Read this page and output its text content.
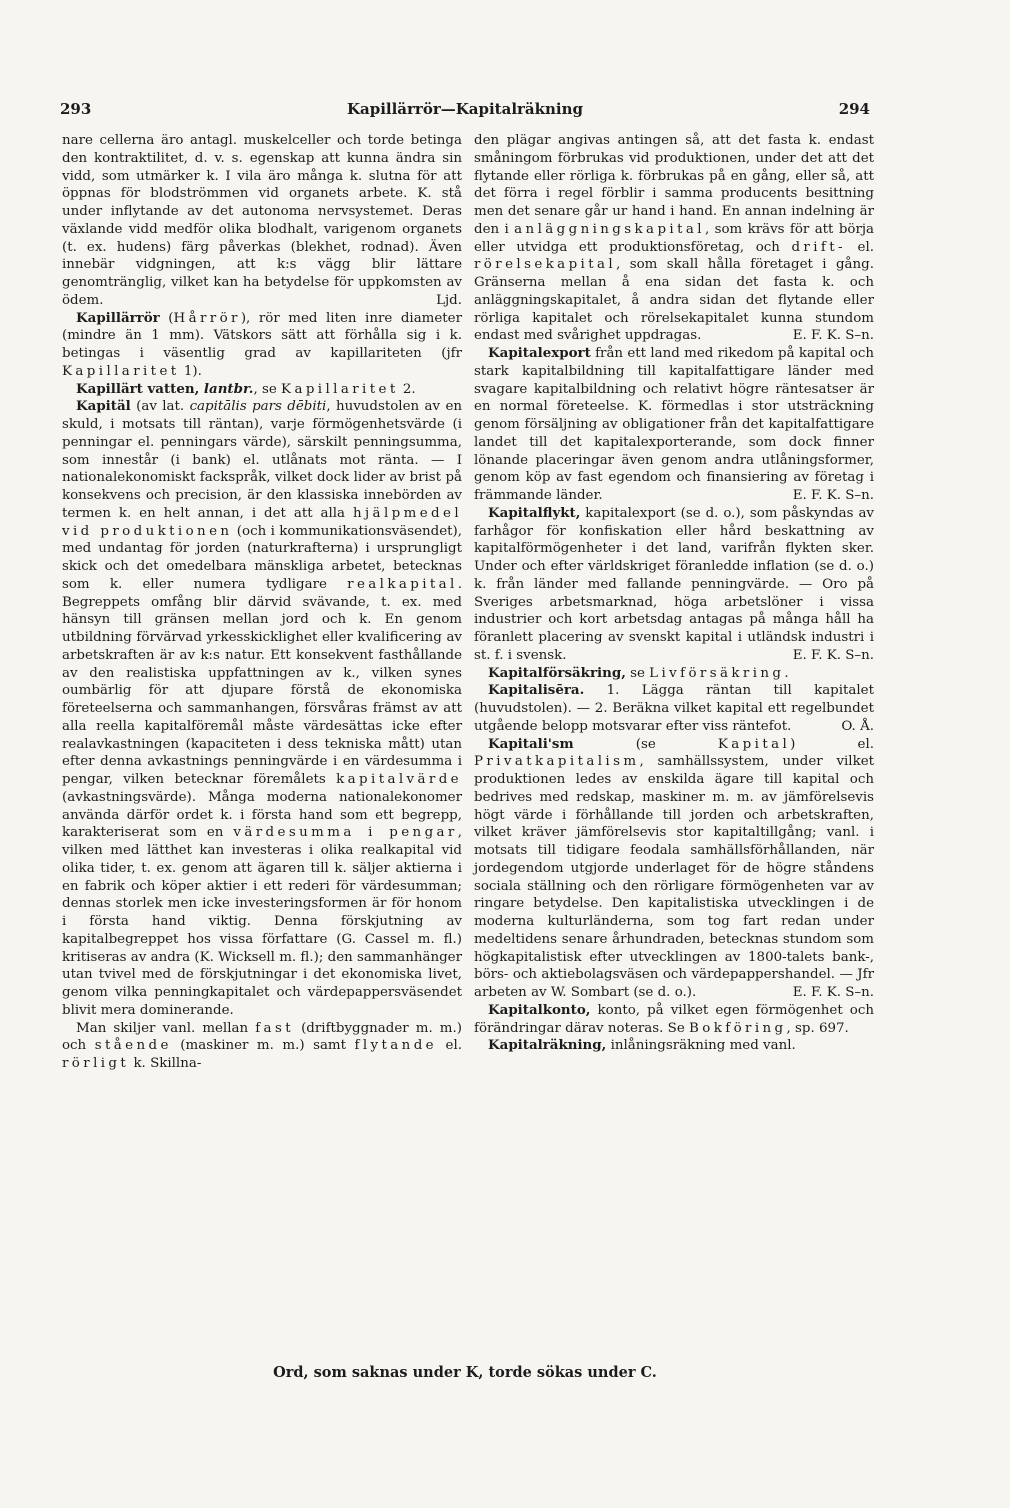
293	Kapillärrör—Kapitalräkning	294

nare cellerna äro antagl. muskelceller och torde betinga den kontraktilitet, d. v. s. egenskap att kunna ändra sin vidd, som utmärker k. I vila äro många k. slutna för att öppnas för blodströmmen vid organets arbete. K. stå under inflytande av det autonoma nervsystemet. Deras växlande vidd medför olika blodhalt, varigenom organets (t. ex. hudens) färg påverkas (blekhet, rodnad). Även innebär vidgningen, att k:s vägg blir lättare genomtränglig, vilket kan ha betydelse för uppkomsten av ödem.	Ljd.

Kapillärrör (Hårrör), rör med liten inre diameter (mindre än 1 mm). Vätskors sätt att förhålla sig i k. betingas i väsentlig grad av kapillariteten (jfr Kapillaritet 1).

Kapillärt vatten, lantbr., se Kapillaritet 2.

Kapitäl (av lat. capitālis pars dēbiti, huvudstolen av en skuld, i motsats till räntan), varje förmögenhetsvärde (i penningar el. penningars värde), särskilt penningsumma, som innestår (i bank) el. utlånats mot ränta. — I nationalekonomiskt fackspråk, vilket dock lider av brist på konsekvens och precision, är den klassiska innebörden av termen k. en helt annan, i det att alla hjälpmedel vid produktionen (och i kommunikationsväsendet), med undantag för jorden (naturkrafterna) i ursprungligt skick och det omedelbara mänskliga arbetet, betecknas som k. eller numera tydligare realkapital. Begreppets omfång blir därvid svävande, t. ex. med hänsyn till gränsen mellan jord och k. En genom utbildning förvärvad yrkesskicklighet eller kvalificering av arbetskraften är av k:s natur. Ett konsekvent fasthållande av den realistiska uppfattningen av k., vilken synes oumbärlig för att djupare förstå de ekonomiska företeelserna och sammanhangen, försvåras främst av att alla reella kapitalföremål måste värdesättas icke efter realavkastningen (kapaciteten i dess tekniska mått) utan efter denna avkastnings penningvärde i en värdesumma i pengar, vilken betecknar föremålets kapitalvärde (avkastningsvärde). Många moderna nationalekonomer använda därför ordet k. i första hand som ett begrepp, karakteriserat som en värdesumma i pengar, vilken med lätthet kan investeras i olika realkapital vid olika tider, t. ex. genom att ägaren till k. säljer aktierna i en fabrik och köper aktier i ett rederi för värdesumman; dennas storlek men icke investeringsformen är för honom i första hand viktig. Denna förskjutning av kapitalbegreppet hos vissa författare (G. Cassel m. fl.) kritiseras av andra (K. Wicksell m. fl.); den sammanhänger utan tvivel med de förskjutningar i det ekonomiska livet, genom vilka penningkapitalet och värdepappersväsendet blivit mera dominerande.

Man skiljer vanl. mellan fast (driftbyggnader m. m.) och stående (maskiner m. m.) samt flytande el. rörligt k. Skillna-

den plägar angivas antingen så, att det fasta k. endast småningom förbrukas vid produktionen, under det att det flytande eller rörliga k. förbrukas på en gång, eller så, att det förra i regel förblir i samma producents besittning men det senare går ur hand i hand. En annan indelning är den i anläggningskapital, som krävs för att börja eller utvidga ett produktionsföretag, och drift- el. rörelsekapital, som skall hålla företaget i gång. Gränserna mellan å ena sidan det fasta k. och anläggningskapitalet, å andra sidan det flytande eller rörliga kapitalet och rörelsekapitalet kunna stundom endast med svårighet uppdragas.	E. F. K. S–n.

Kapitalexport från ett land med rikedom på kapital och stark kapitalbildning till kapitalfattigare länder med svagare kapitalbildning och relativt högre räntesatser är en normal företeelse. K. förmedlas i stor utsträckning genom försäljning av obligationer från det kapitalfattigare landet till det kapitalexporterande, som dock finner lönande placeringar även genom andra utlåningsformer, genom köp av fast egendom och finansiering av företag i främmande länder.	E. F. K. S–n.

Kapitalflykt, kapitalexport (se d. o.), som påskyndas av farhågor för konfiskation eller hård beskattning av kapitalförmögenheter i det land, varifrån flykten sker. Under och efter världskriget föranledde inflation (se d. o.) k. från länder med fallande penningvärde. — Oro på Sveriges arbetsmarknad, höga arbetslöner i vissa industrier och kort arbetsdag antagas på många håll ha föranlett placering av svenskt kapital i utländsk industri i st. f. i svensk.	E. F. K. S–n.

Kapitalförsäkring, se Livförsäkring.

Kapitalisēra. 1. Lägga räntan till kapitalet (huvudstolen). — 2. Beräkna vilket kapital ett regelbundet utgående belopp motsvarar efter viss räntefot.	O. Å.

Kapitali'sm (se Kapital) el. Privatkapitalism, samhällssystem, under vilket produktionen ledes av enskilda ägare till kapital och bedrives med redskap, maskiner m. m. av jämförelsevis högt värde i förhållande till jorden och arbetskraften, vilket kräver jämförelsevis stor kapitaltillgång; vanl. i motsats till tidigare feodala samhällsförhållanden, när jordegendom utgjorde underlaget för de högre ståndens sociala ställning och den rörligare förmögenheten var av ringare betydelse. Den kapitalistiska utvecklingen i de moderna kulturländerna, som tog fart redan under medeltidens senare århundraden, betecknas stundom som högkapitalistisk efter utvecklingen av 1800-talets bank-, börs- och aktiebolagsväsen och värdepappershandel. — Jfr arbeten av W. Sombart (se d. o.).	E. F. K. S–n.

Kapitalkonto, konto, på vilket egen förmögenhet och förändringar därav noteras. Se Bokföring, sp. 697.

Kapitalräkning, inlåningsräkning med vanl.

Ord, som saknas under K, torde sökas under C.
